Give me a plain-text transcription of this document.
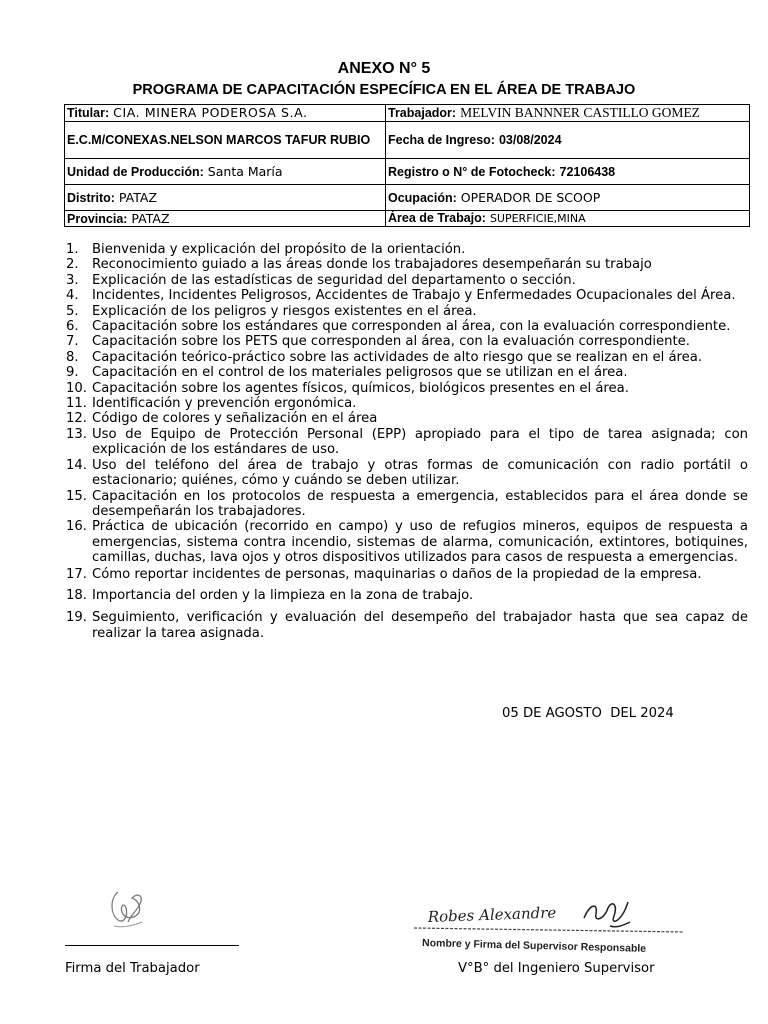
ANEXO N° 5
PROGRAMA DE CAPACITACIÓN ESPECÍFICA EN EL ÁREA DE TRABAJO
Titular: CIA. MINERA PODEROSA S.A.	Trabajador: MELVIN BANNNER CASTILLO GOMEZ
E.C.M/CONEXAS.NELSON MARCOS TAFUR RUBIO	Fecha de Ingreso: 03/08/2024
Unidad de Producción: Santa María	Registro o N° de Fotocheck: 72106438
Distrito: PATAZ	Ocupación: OPERADOR DE SCOOP
Provincia: PATAZ	Área de Trabajo: SUPERFICIE,MINA
1. Bienvenida y explicación del propósito de la orientación.
2. Reconocimiento guiado a las áreas donde los trabajadores desempeñarán su trabajo
3. Explicación de las estadísticas de seguridad del departamento o sección.
4. Incidentes, Incidentes Peligrosos, Accidentes de Trabajo y Enfermedades Ocupacionales del Área.
5. Explicación de los peligros y riesgos existentes en el área.
6. Capacitación sobre los estándares que corresponden al área, con la evaluación correspondiente.
7. Capacitación sobre los PETS que corresponden al área, con la evaluación correspondiente.
8. Capacitación teórico-práctico sobre las actividades de alto riesgo que se realizan en el área.
9. Capacitación en el control de los materiales peligrosos que se utilizan en el área.
10. Capacitación sobre los agentes físicos, químicos, biológicos presentes en el área.
11. Identificación y prevención ergonómica.
12. Código de colores y señalización en el área
13. Uso de Equipo de Protección Personal (EPP) apropiado para el tipo de tarea asignada; con explicación de los estándares de uso.
14. Uso del teléfono del área de trabajo y otras formas de comunicación con radio portátil o estacionario; quiénes, cómo y cuándo se deben utilizar.
15. Capacitación en los protocolos de respuesta a emergencia, establecidos para el área donde se desempeñarán los trabajadores.
16. Práctica de ubicación (recorrido en campo) y uso de refugios mineros, equipos de respuesta a emergencias, sistema contra incendio, sistemas de alarma, comunicación, extintores, botiquines, camillas, duchas, lava ojos y otros dispositivos utilizados para casos de respuesta a emergencias.
17. Cómo reportar incidentes de personas, maquinarias o daños de la propiedad de la empresa.
18. Importancia del orden y la limpieza en la zona de trabajo.
19. Seguimiento, verificación y evaluación del desempeño del trabajador hasta que sea capaz de realizar la tarea asignada.
05 DE AGOSTO  DEL 2024
Firma del Trabajador
Robes Alexandre
Nombre y Firma del Supervisor Responsable
V°B° del Ingeniero Supervisor
